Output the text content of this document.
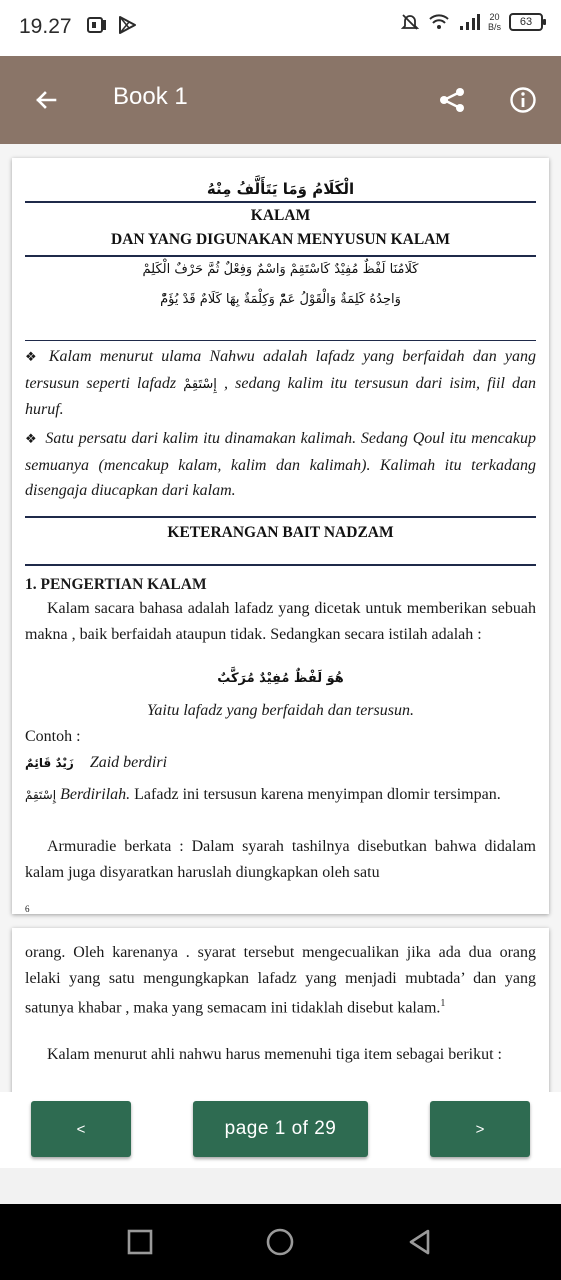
19.27	20
B/s 63
Book 1
الْكَلَامُ وَمَا يَتَأَلَّفُ مِنْهُ
KALAM
DAN YANG DIGUNAKAN MENYUSUN KALAM
كَلَامُنَا لَفْظٌ مُفِيْدٌ كَاسْتَقِمْ وَاسْمٌ وَفِعْلٌ ثُمَّ حَرْفٌ الْكَلِمْ
وَاحِدُهُ كَلِمَةٌ وَالْقَوْلُ عَمّْ وَكِلْمَةٌ بِهَا كَلَامٌ قَدْ يُؤَمّْ
❖ Kalam menurut ulama Nahwu adalah lafadz yang berfaidah dan yang tersusun seperti lafadz إِسْتَقِمْ , sedang kalim itu tersusun dari isim, fiil dan huruf.
❖ Satu persatu dari kalim itu dinamakan kalimah. Sedang Qoul itu mencakup semuanya (mencakup kalam, kalim dan kalimah). Kalimah itu terkadang disengaja diucapkan dari kalam.
KETERANGAN BAIT NADZAM
1. PENGERTIAN KALAM
Kalam sacara bahasa adalah lafadz yang dicetak untuk memberikan sebuah makna , baik berfaidah ataupun tidak. Sedangkan secara istilah adalah :
هُوَ لَفْظٌ مُفِيْدٌ مُرَكَّبٌ
Yaitu lafadz yang berfaidah dan tersusun.
Contoh :
زَيْدٌ قَائِمٌ Zaid berdiri
إِسْتَقِمْ Berdirilah. Lafadz ini tersusun karena menyimpan dlomir tersimpan.
Armuradie berkata : Dalam syarah tashilnya disebutkan bahwa didalam kalam juga disyaratkan haruslah diungkapkan oleh satu
6
orang. Oleh karenanya . syarat tersebut mengecualikan jika ada dua orang lelaki yang satu mengungkapkan lafadz yang menjadi mubtada’ dan yang satunya khabar , maka yang semacam ini tidaklah disebut kalam.$^1$
Kalam menurut ahli nahwu harus memenuhi tiga item sebagai berikut :
<	page 1 of 29	>
